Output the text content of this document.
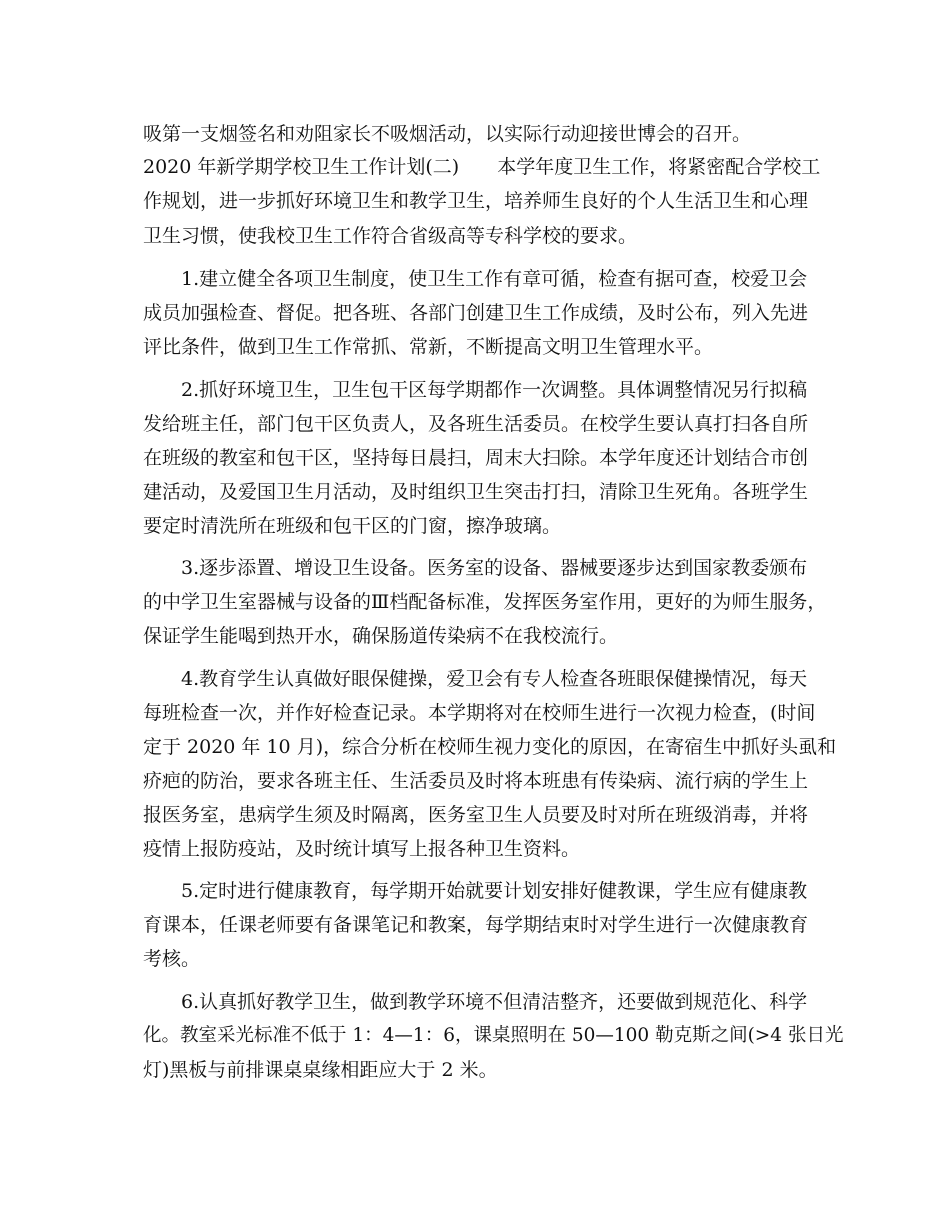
吸第一支烟签名和劝阻家长不吸烟活动，以实际行动迎接世博会的召开。
2020 年新学期学校卫生工作计划(二)　　本学年度卫生工作，将紧密配合学校工
作规划，进一步抓好环境卫生和教学卫生，培养师生良好的个人生活卫生和心理
卫生习惯，使我校卫生工作符合省级高等专科学校的要求。
　　1.建立健全各项卫生制度，使卫生工作有章可循，检查有据可查，校爱卫会
成员加强检查、督促。把各班、各部门创建卫生工作成绩，及时公布，列入先进
评比条件，做到卫生工作常抓、常新，不断提高文明卫生管理水平。
　　2.抓好环境卫生，卫生包干区每学期都作一次调整。具体调整情况另行拟稿
发给班主任，部门包干区负责人，及各班生活委员。在校学生要认真打扫各自所
在班级的教室和包干区，坚持每日晨扫，周末大扫除。本学年度还计划结合市创
建活动，及爱国卫生月活动，及时组织卫生突击打扫，清除卫生死角。各班学生
要定时清洗所在班级和包干区的门窗，擦净玻璃。
　　3.逐步添置、增设卫生设备。医务室的设备、器械要逐步达到国家教委颁布
的中学卫生室器械与设备的Ⅲ档配备标准，发挥医务室作用，更好的为师生服务，
保证学生能喝到热开水，确保肠道传染病不在我校流行。
　　4.教育学生认真做好眼保健操，爱卫会有专人检查各班眼保健操情况，每天
每班检查一次，并作好检查记录。本学期将对在校师生进行一次视力检查，(时间
定于 2020 年 10 月)，综合分析在校师生视力变化的原因，在寄宿生中抓好头虱和
疥疤的防治，要求各班主任、生活委员及时将本班患有传染病、流行病的学生上
报医务室，患病学生须及时隔离，医务室卫生人员要及时对所在班级消毒，并将
疫情上报防疫站，及时统计填写上报各种卫生资料。
　　5.定时进行健康教育，每学期开始就要计划安排好健教课，学生应有健康教
育课本，任课老师要有备课笔记和教案，每学期结束时对学生进行一次健康教育
考核。
　　6.认真抓好教学卫生，做到教学环境不但清洁整齐，还要做到规范化、科学
化。教室采光标准不低于 1：4—1：6，课桌照明在 50—100 勒克斯之间(>4 张日光
灯)黑板与前排课桌桌缘相距应大于 2 米。
